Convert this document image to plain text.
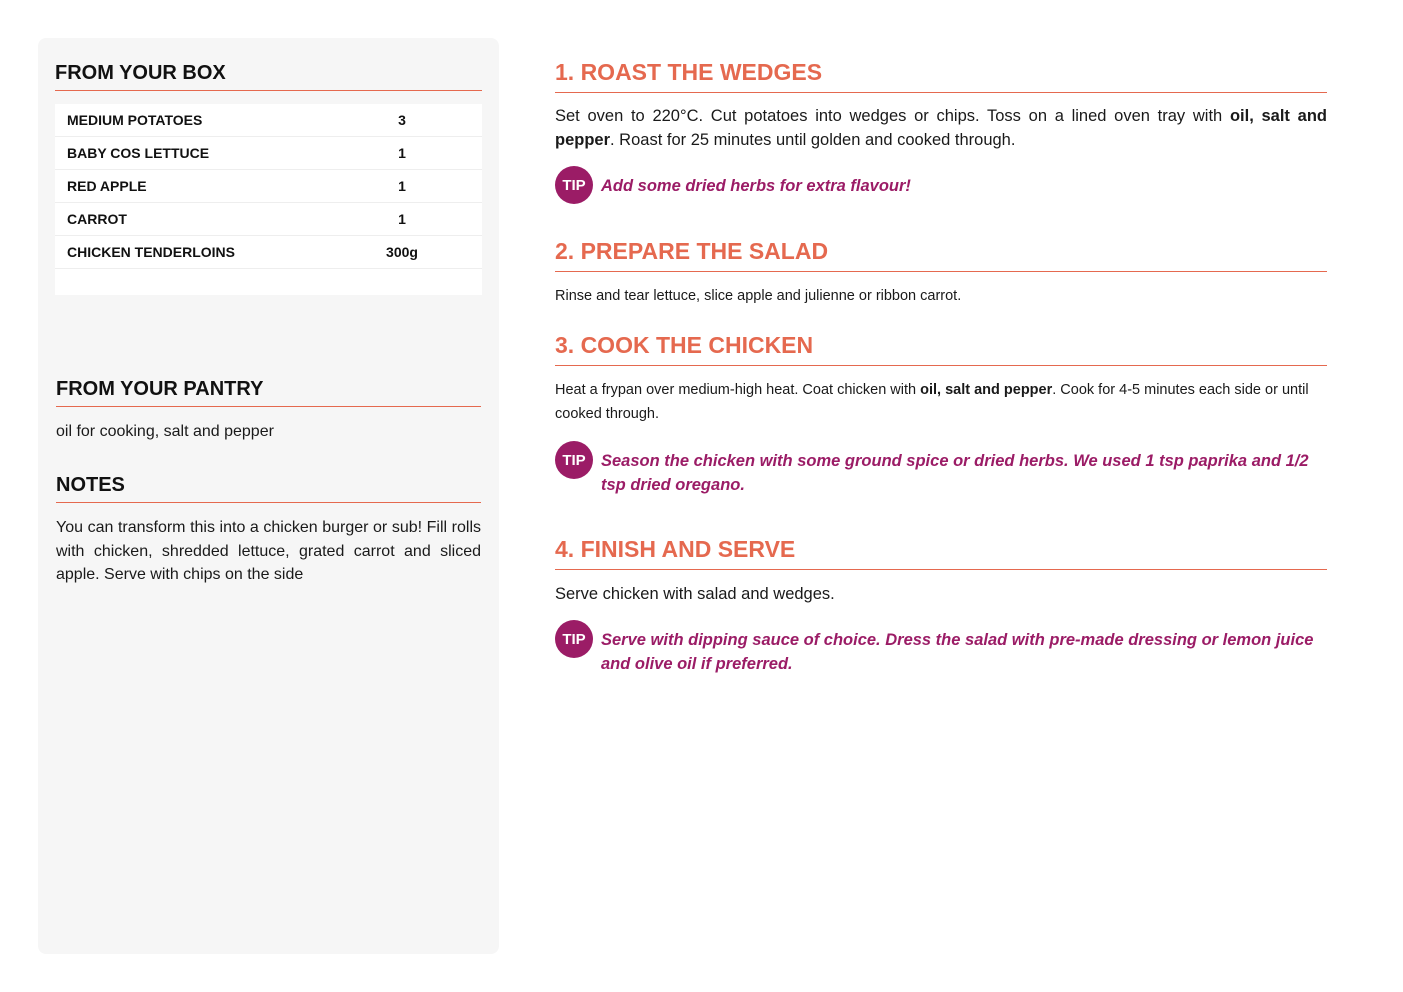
FROM YOUR BOX
MEDIUM POTATOES	3
BABY COS LETTUCE	1
RED APPLE	1
CARROT	1
CHICKEN TENDERLOINS	300g
FROM YOUR PANTRY
oil for cooking, salt and pepper
NOTES
You can transform this into a chicken burger or sub! Fill rolls with chicken, shredded lettuce, grated carrot and sliced apple. Serve with chips on the side
1. ROAST THE WEDGES
Set oven to 220°C. Cut potatoes into wedges or chips. Toss on a lined oven tray with oil, salt and pepper. Roast for 25 minutes until golden and cooked through.
TIP Add some dried herbs for extra flavour!
2. PREPARE THE SALAD
Rinse and tear lettuce, slice apple and julienne or ribbon carrot.
3. COOK THE CHICKEN
Heat a frypan over medium-high heat. Coat chicken with oil, salt and pepper. Cook for 4-5 minutes each side or until cooked through.
TIP Season the chicken with some ground spice or dried herbs. We used 1 tsp paprika and 1/2 tsp dried oregano.
4. FINISH AND SERVE
Serve chicken with salad and wedges.
TIP Serve with dipping sauce of choice. Dress the salad with pre-made dressing or lemon juice and olive oil if preferred.
